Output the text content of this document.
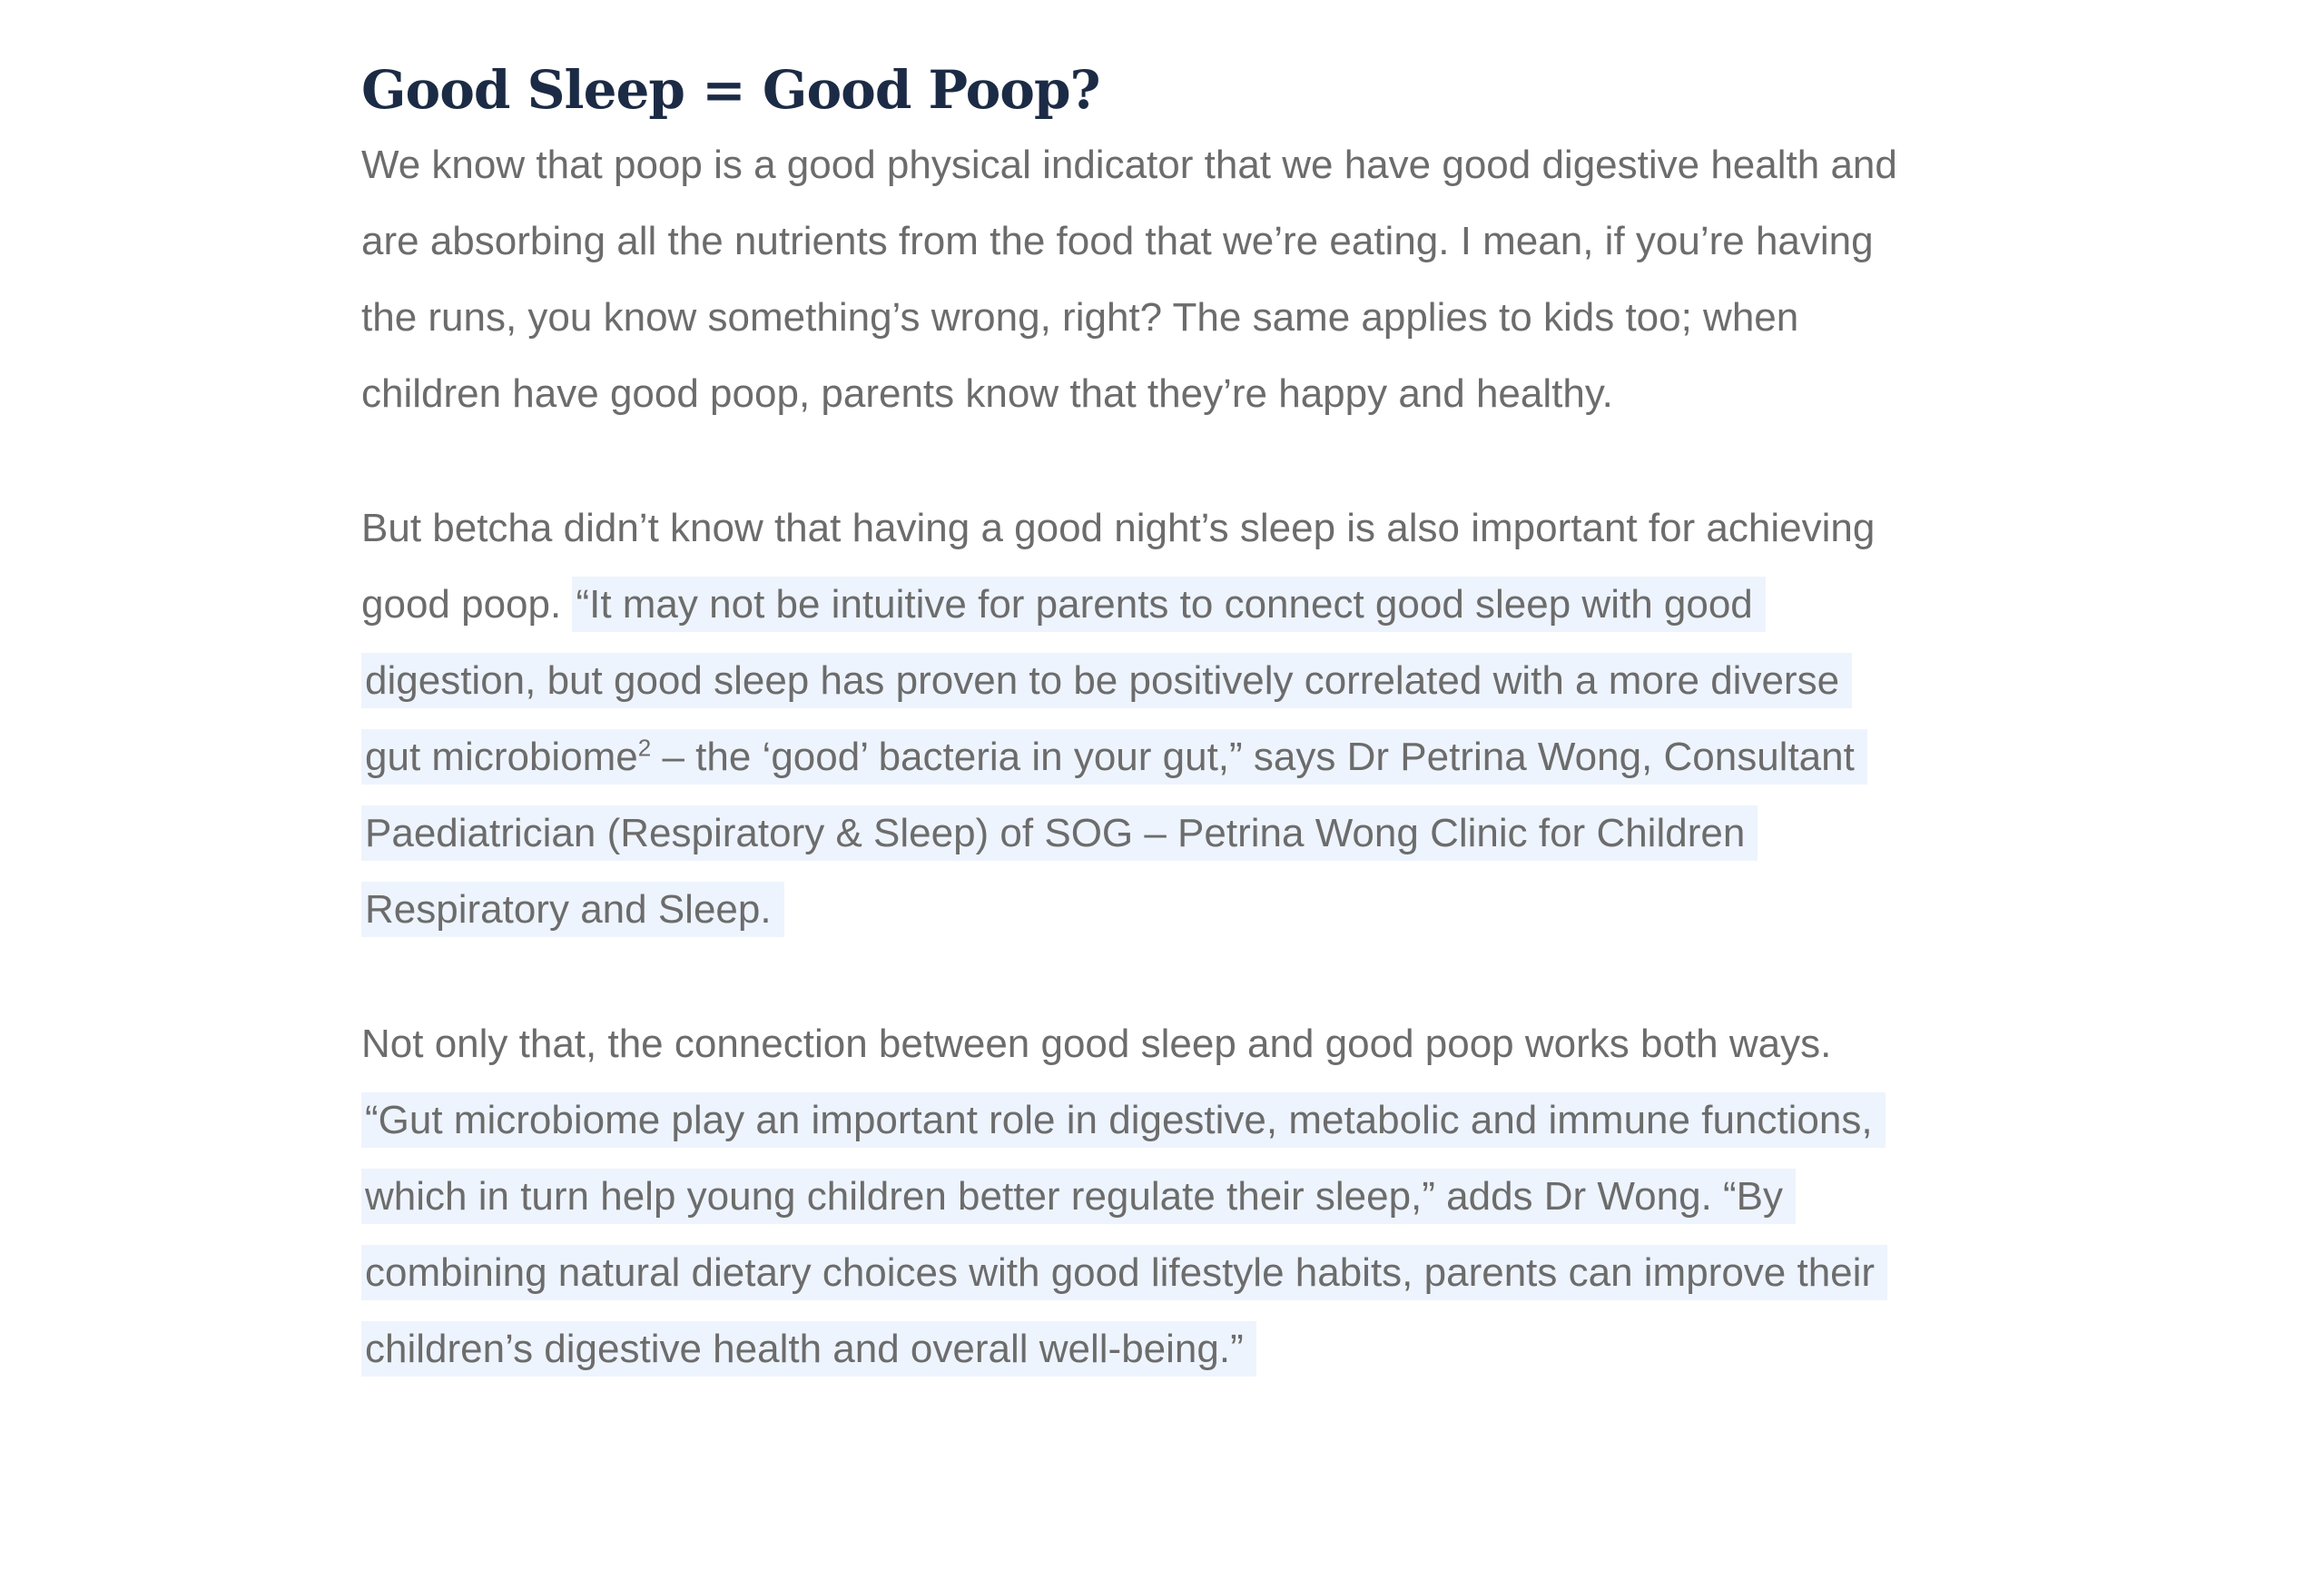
Good Sleep = Good Poop?

We know that poop is a good physical indicator that we have good digestive health and are absorbing all the nutrients from the food that we’re eating. I mean, if you’re having the runs, you know something’s wrong, right? The same applies to kids too; when children have good poop, parents know that they’re happy and healthy.

But betcha didn’t know that having a good night’s sleep is also important for achieving good poop. “It may not be intuitive for parents to connect good sleep with good digestion, but good sleep has proven to be positively correlated with a more diverse gut microbiome$^2$ – the ‘good’ bacteria in your gut,” says Dr Petrina Wong, Consultant Paediatrician (Respiratory & Sleep) of SOG – Petrina Wong Clinic for Children Respiratory and Sleep.

Not only that, the connection between good sleep and good poop works both ways. “Gut microbiome play an important role in digestive, metabolic and immune functions, which in turn help young children better regulate their sleep,” adds Dr Wong. “By combining natural dietary choices with good lifestyle habits, parents can improve their children’s digestive health and overall well-being.”
